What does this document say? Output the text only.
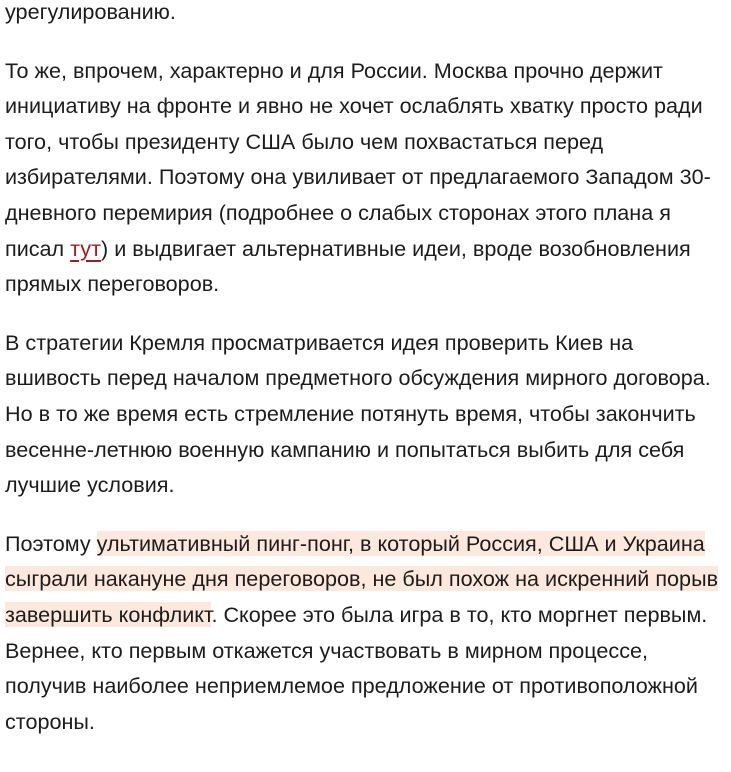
урегулированию.

То же, впрочем, характерно и для России. Москва прочно держит инициативу на фронте и явно не хочет ослаблять хватку просто ради того, чтобы президенту США было чем похвастаться перед избирателями. Поэтому она увиливает от предлагаемого Западом 30-дневного перемирия (подробнее о слабых сторонах этого плана я писал тут) и выдвигает альтернативные идеи, вроде возобновления прямых переговоров.

В стратегии Кремля просматривается идея проверить Киев на вшивость перед началом предметного обсуждения мирного договора. Но в то же время есть стремление потянуть время, чтобы закончить весенне-летнюю военную кампанию и попытаться выбить для себя лучшие условия.

Поэтому ультимативный пинг-понг, в который Россия, США и Украина сыграли накануне дня переговоров, не был похож на искренний порыв завершить конфликт. Скорее это была игра в то, кто моргнет первым. Вернее, кто первым откажется участвовать в мирном процессе, получив наиболее неприемлемое предложение от противоположной стороны.
